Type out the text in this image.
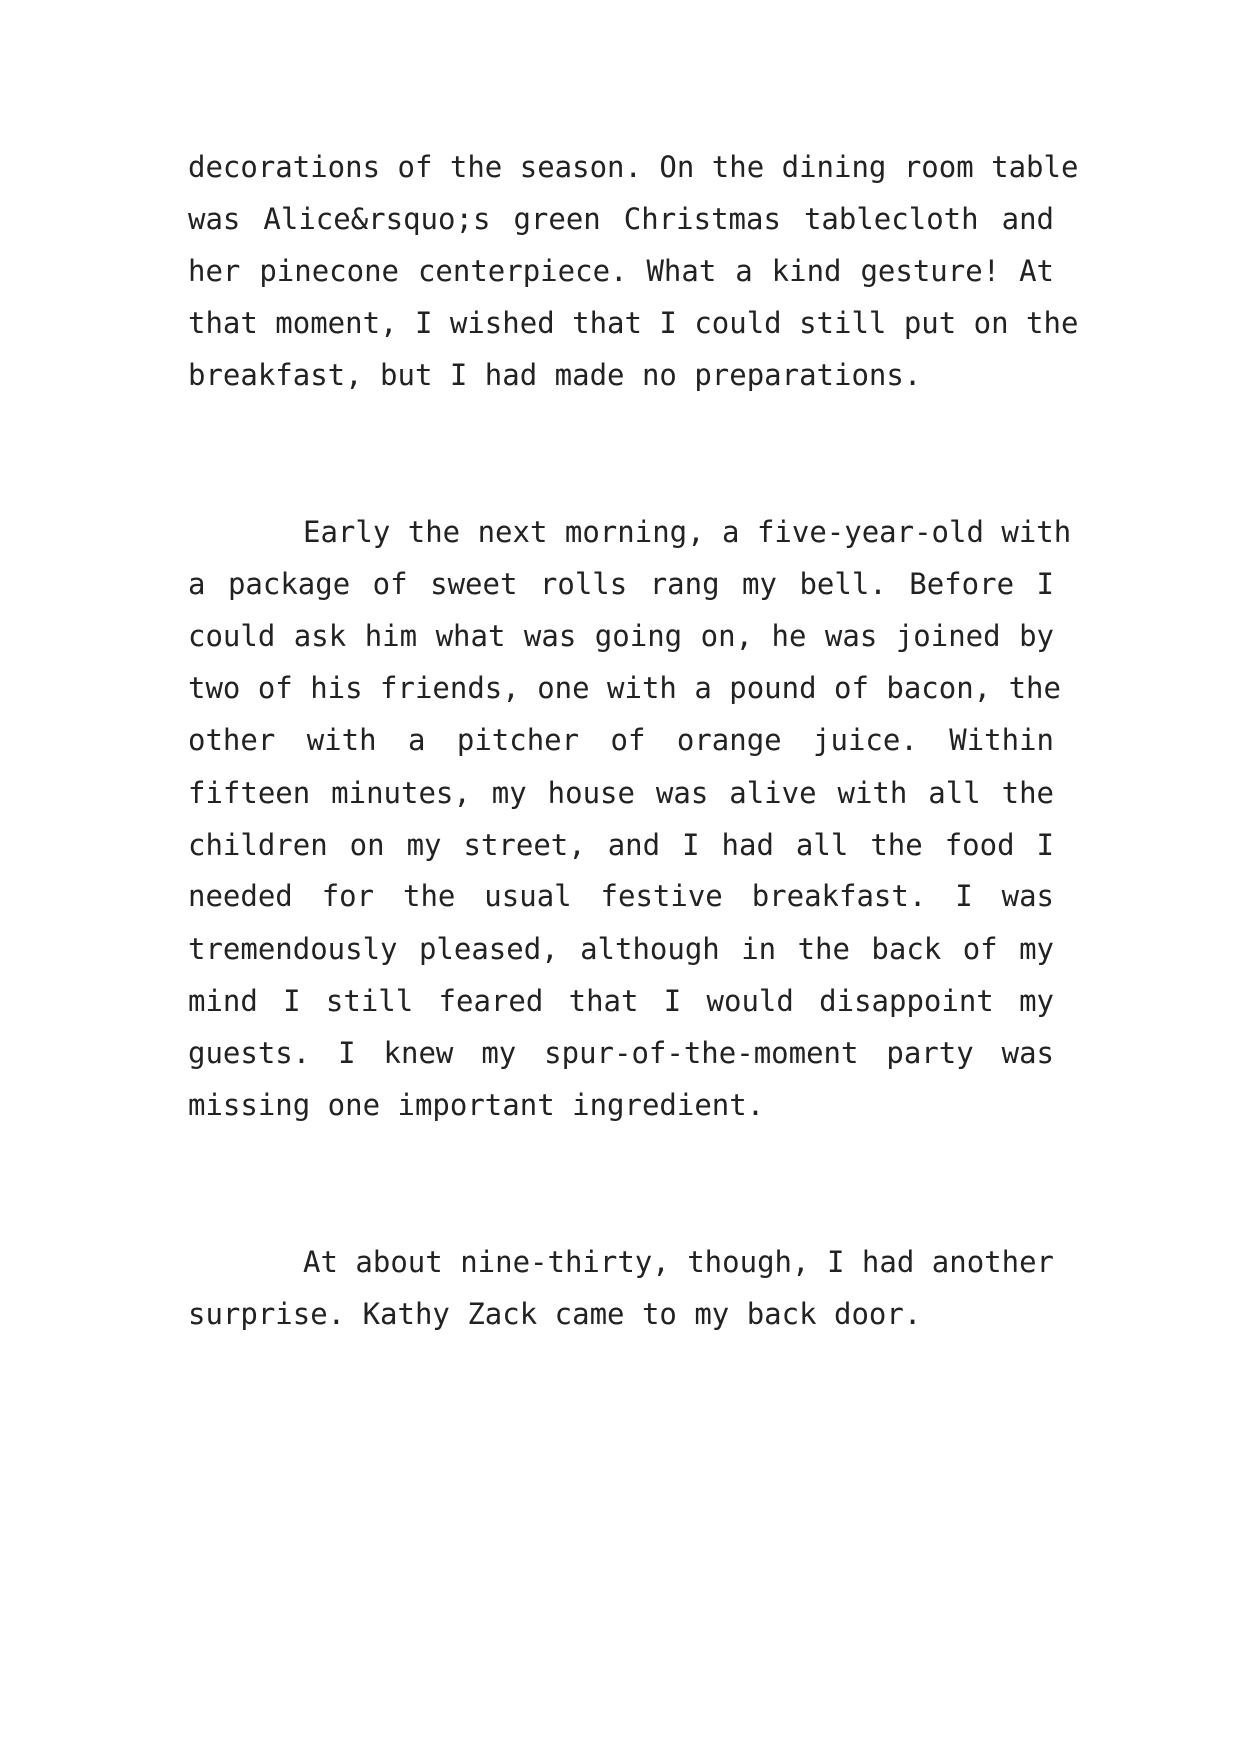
decorations of the season. On the dining room table
was Alice&rsquo;s green Christmas tablecloth and
her pinecone centerpiece. What a kind gesture! At
that moment, I wished that I could still put on the
breakfast, but I had made no preparations.
Early the next morning, a five-year-old with
a package of sweet rolls rang my bell. Before I
could ask him what was going on, he was joined by
two of his friends, one with a pound of bacon, the
other with a pitcher of orange juice. Within
fifteen minutes, my house was alive with all the
children on my street, and I had all the food I
needed for the usual festive breakfast. I was
tremendously pleased, although in the back of my
mind I still feared that I would disappoint my
guests. I knew my spur-of-the-moment party was
missing one important ingredient.
At about nine-thirty, though, I had another
surprise. Kathy Zack came to my back door.
